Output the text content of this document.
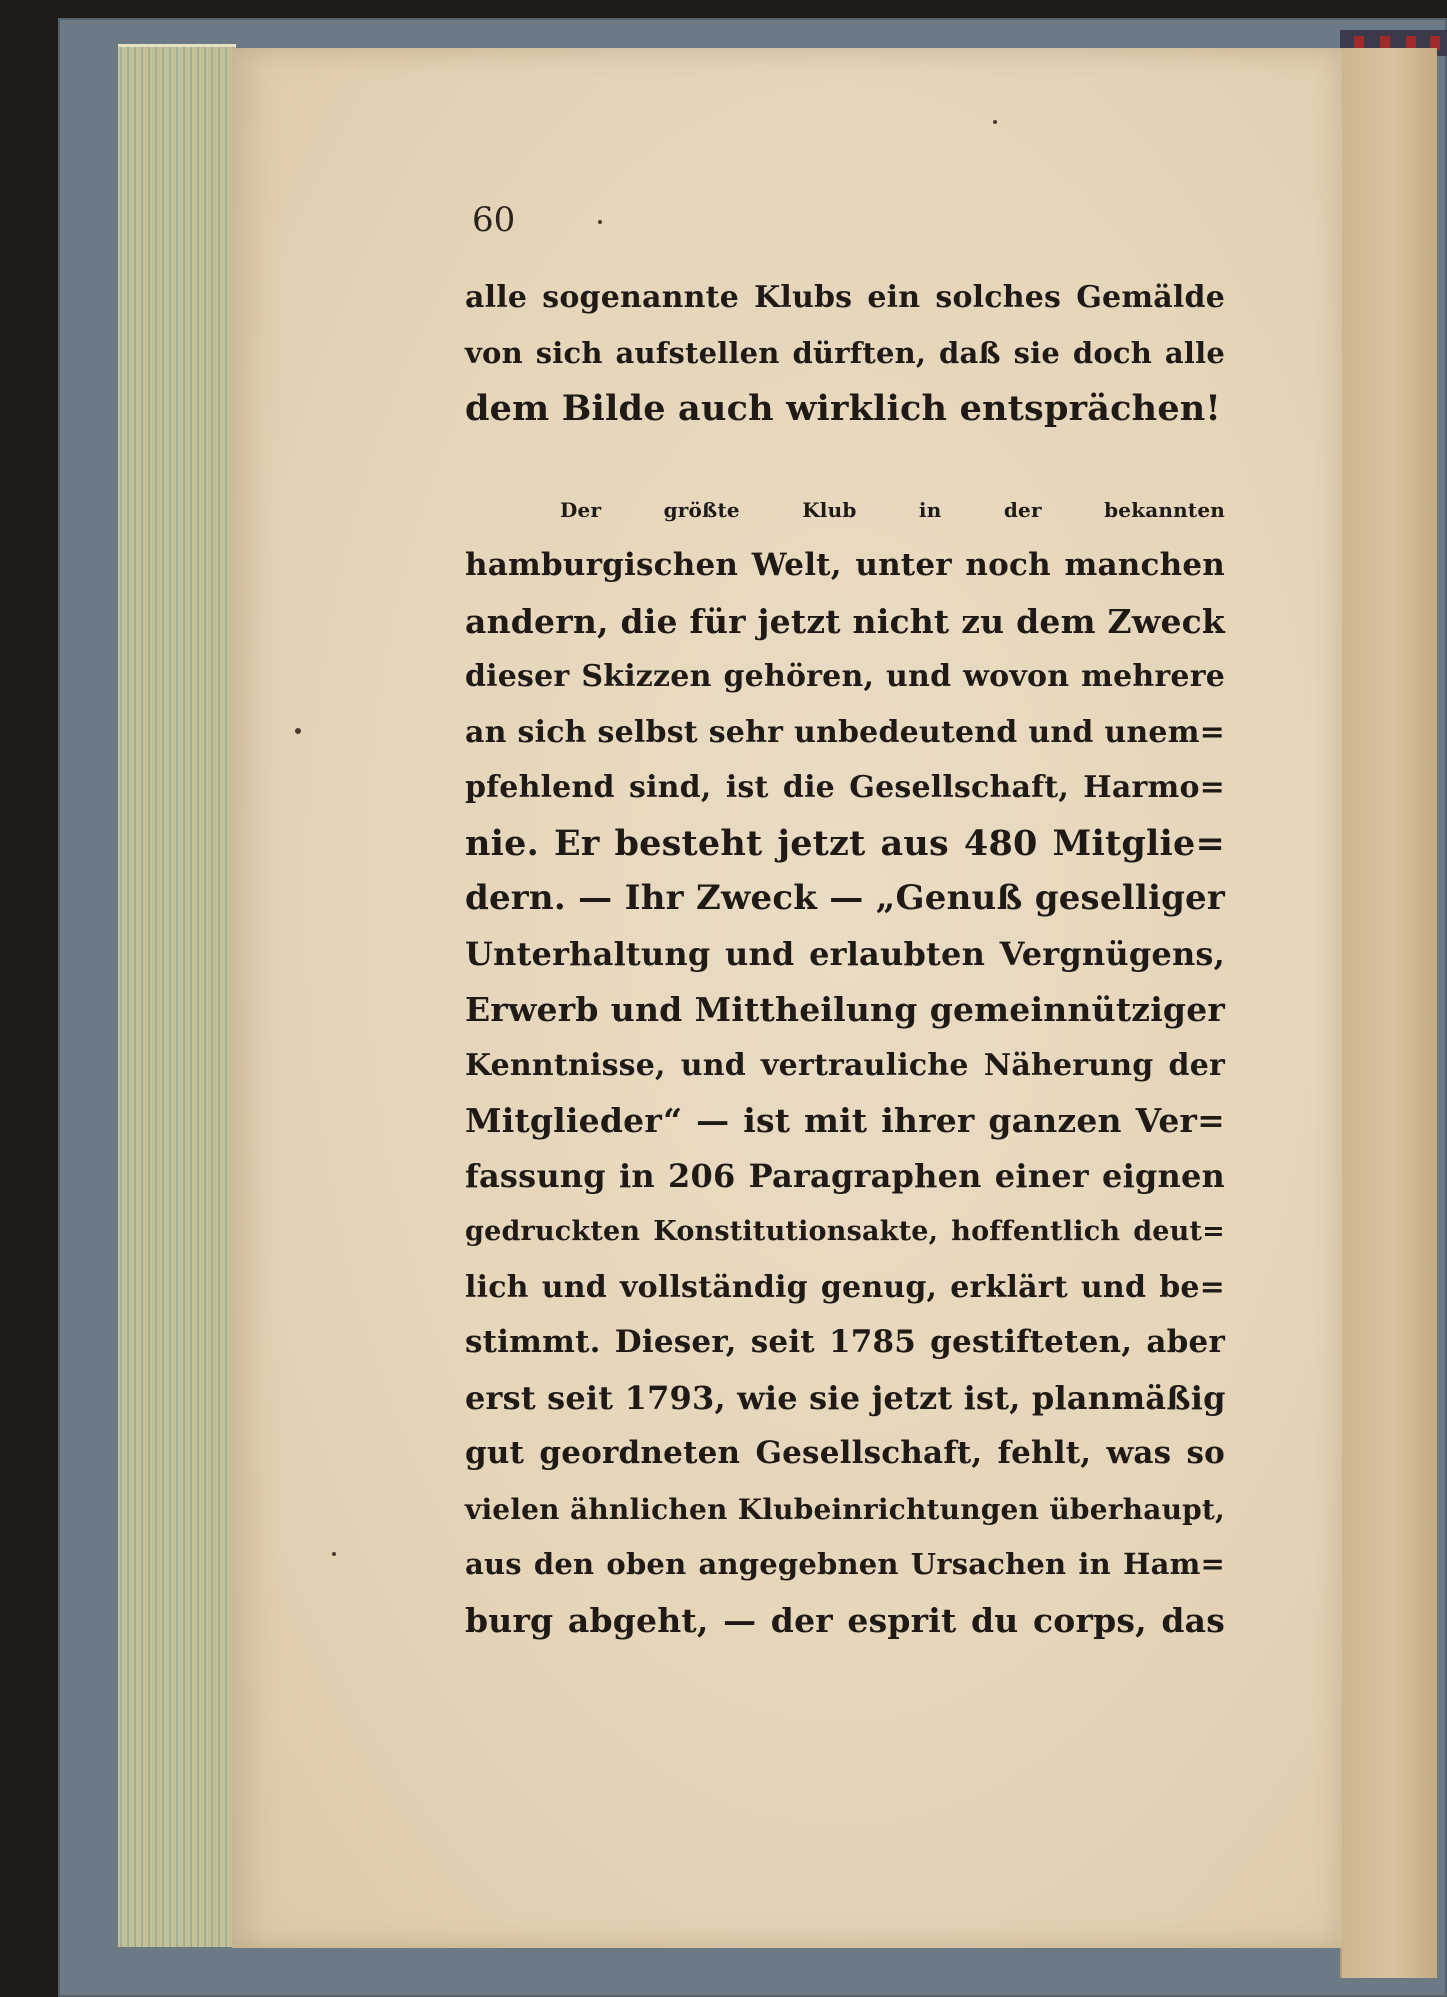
60
alle sogenannte Klubs ein solches Gemälde
von sich aufstellen dürften, daß sie doch alle
dem Bilde auch wirklich entsprächen!
Der größte Klub in der bekannten
hamburgischen Welt, unter noch manchen
andern, die für jetzt nicht zu dem Zweck
dieser Skizzen gehören, und wovon mehrere
an sich selbst sehr unbedeutend und unem=
pfehlend sind, ist die Gesellschaft, Harmo=
nie. Er besteht jetzt aus 480 Mitglie=
dern. — Ihr Zweck — „Genuß geselliger
Unterhaltung und erlaubten Vergnügens,
Erwerb und Mittheilung gemeinnütziger
Kenntnisse, und vertrauliche Näherung der
Mitglieder“ — ist mit ihrer ganzen Ver=
fassung in 206 Paragraphen einer eignen
gedruckten Konstitutionsakte, hoffentlich deut=
lich und vollständig genug, erklärt und be=
stimmt. Dieser, seit 1785 gestifteten, aber
erst seit 1793, wie sie jetzt ist, planmäßig
gut geordneten Gesellschaft, fehlt, was so
vielen ähnlichen Klubeinrichtungen überhaupt,
aus den oben angegebnen Ursachen in Ham=
burg abgeht, — der esprit du corps, das
